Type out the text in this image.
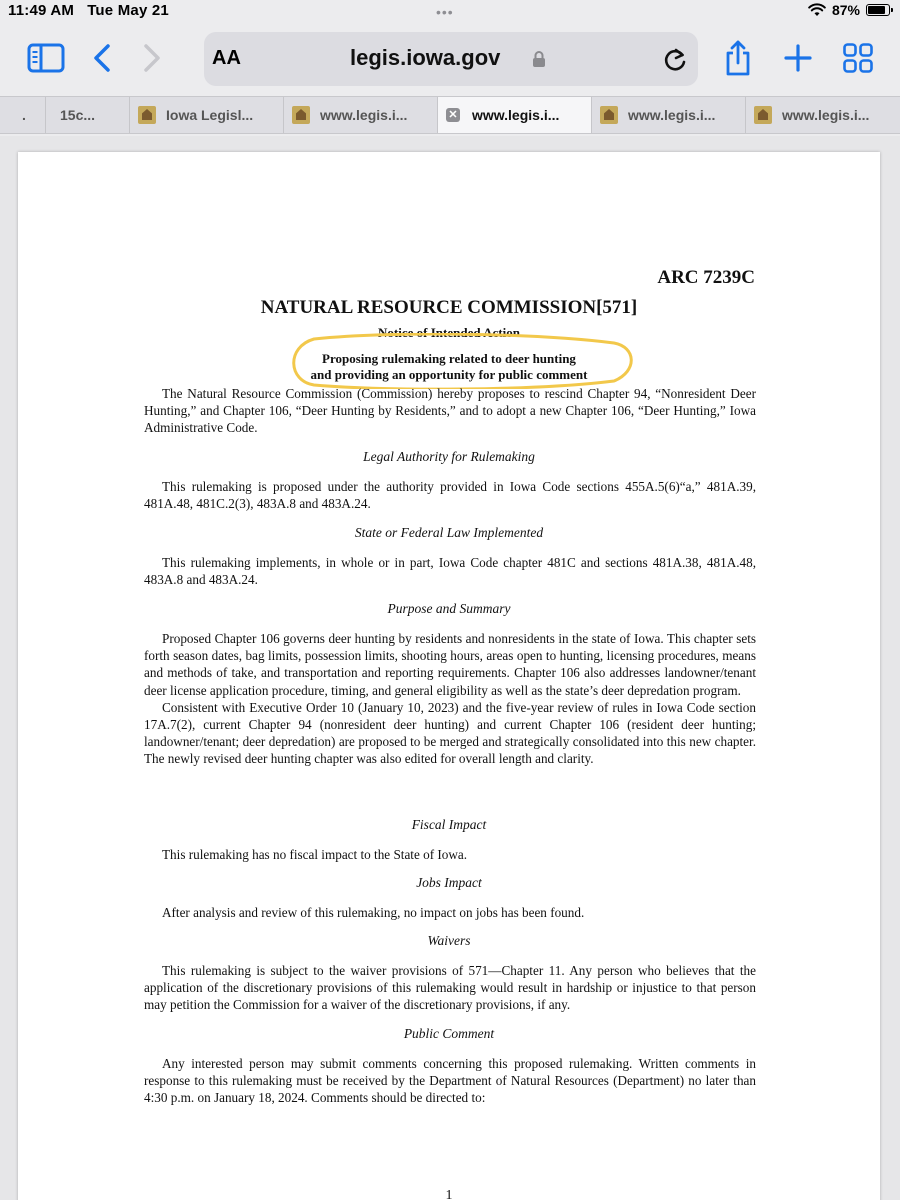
11:49 AM Tue May 21	•••	87%
AA	legis.iowa.gov
.	15c...	Iowa Legisl...	www.legis.i...	✕ www.legis.i...	www.legis.i...	www.legis.i...
ARC 7239C
NATURAL RESOURCE COMMISSION[571]
Notice of Intended Action
Proposing rulemaking related to deer hunting
and providing an opportunity for public comment

The Natural Resource Commission (Commission) hereby proposes to rescind Chapter 94, “Nonresident Deer Hunting,” and Chapter 106, “Deer Hunting by Residents,” and to adopt a new Chapter 106, “Deer Hunting,” Iowa Administrative Code.

Legal Authority for Rulemaking

This rulemaking is proposed under the authority provided in Iowa Code sections 455A.5(6)“a,” 481A.39, 481A.48, 481C.2(3), 483A.8 and 483A.24.

State or Federal Law Implemented

This rulemaking implements, in whole or in part, Iowa Code chapter 481C and sections 481A.38, 481A.48, 483A.8 and 483A.24.

Purpose and Summary

Proposed Chapter 106 governs deer hunting by residents and nonresidents in the state of Iowa. This chapter sets forth season dates, bag limits, possession limits, shooting hours, areas open to hunting, licensing procedures, means and methods of take, and transportation and reporting requirements. Chapter 106 also addresses landowner/tenant deer license application procedure, timing, and general eligibility as well as the state’s deer depredation program.

Consistent with Executive Order 10 (January 10, 2023) and the five-year review of rules in Iowa Code section 17A.7(2), current Chapter 94 (nonresident deer hunting) and current Chapter 106 (resident deer hunting; landowner/tenant; deer depredation) are proposed to be merged and strategically consolidated into this new chapter. The newly revised deer hunting chapter was also edited for overall length and clarity.

Fiscal Impact

This rulemaking has no fiscal impact to the State of Iowa.

Jobs Impact

After analysis and review of this rulemaking, no impact on jobs has been found.

Waivers

This rulemaking is subject to the waiver provisions of 571—Chapter 11. Any person who believes that the application of the discretionary provisions of this rulemaking would result in hardship or injustice to that person may petition the Commission for a waiver of the discretionary provisions, if any.

Public Comment

Any interested person may submit comments concerning this proposed rulemaking. Written comments in response to this rulemaking must be received by the Department of Natural Resources (Department) no later than 4:30 p.m. on January 18, 2024. Comments should be directed to:

1
